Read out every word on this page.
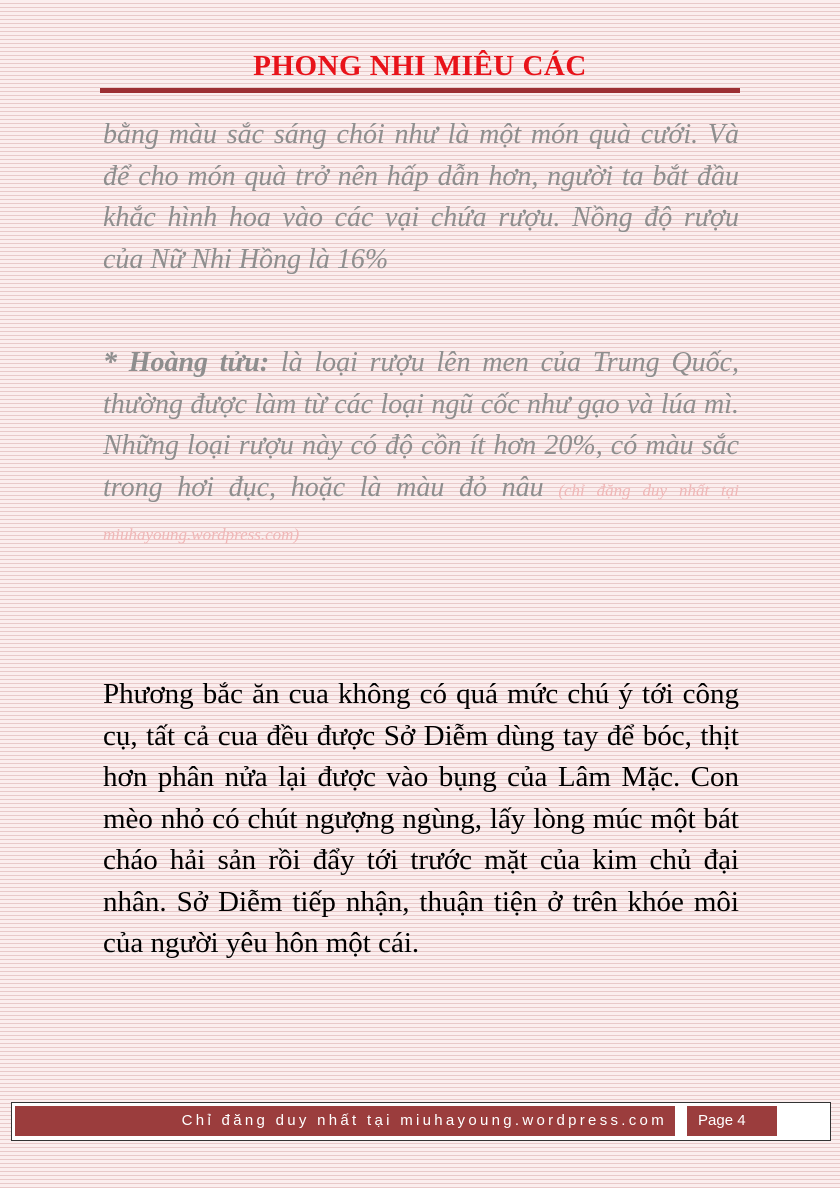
PHONG NHI MIÊU CÁC
bằng màu sắc sáng chói như là một món quà cưới. Và để cho món quà trở nên hấp dẫn hơn, người ta bắt đầu khắc hình hoa vào các vại chứa rượu. Nồng độ rượu của Nữ Nhi Hồng là 16%
* Hoàng tửu: là loại rượu lên men của Trung Quốc, thường được làm từ các loại ngũ cốc như gạo và lúa mì. Những loại rượu này có độ cồn ít hơn 20%, có màu sắc trong hơi đục, hoặc là màu đỏ nâu (chỉ đăng duy nhất tại miuhayoung.wordpress.com)
Phương bắc ăn cua không có quá mức chú ý tới công cụ, tất cả cua đều được Sở Diễm dùng tay để bóc, thịt hơn phân nửa lại được vào bụng của Lâm Mặc. Con mèo nhỏ có chút ngượng ngùng, lấy lòng múc một bát cháo hải sản rồi đẩy tới trước mặt của kim chủ đại nhân. Sở Diễm tiếp nhận, thuận tiện ở trên khóe môi của người yêu hôn một cái.
Chỉ đăng duy nhất tại miuhayoung.wordpress.com	Page 4
